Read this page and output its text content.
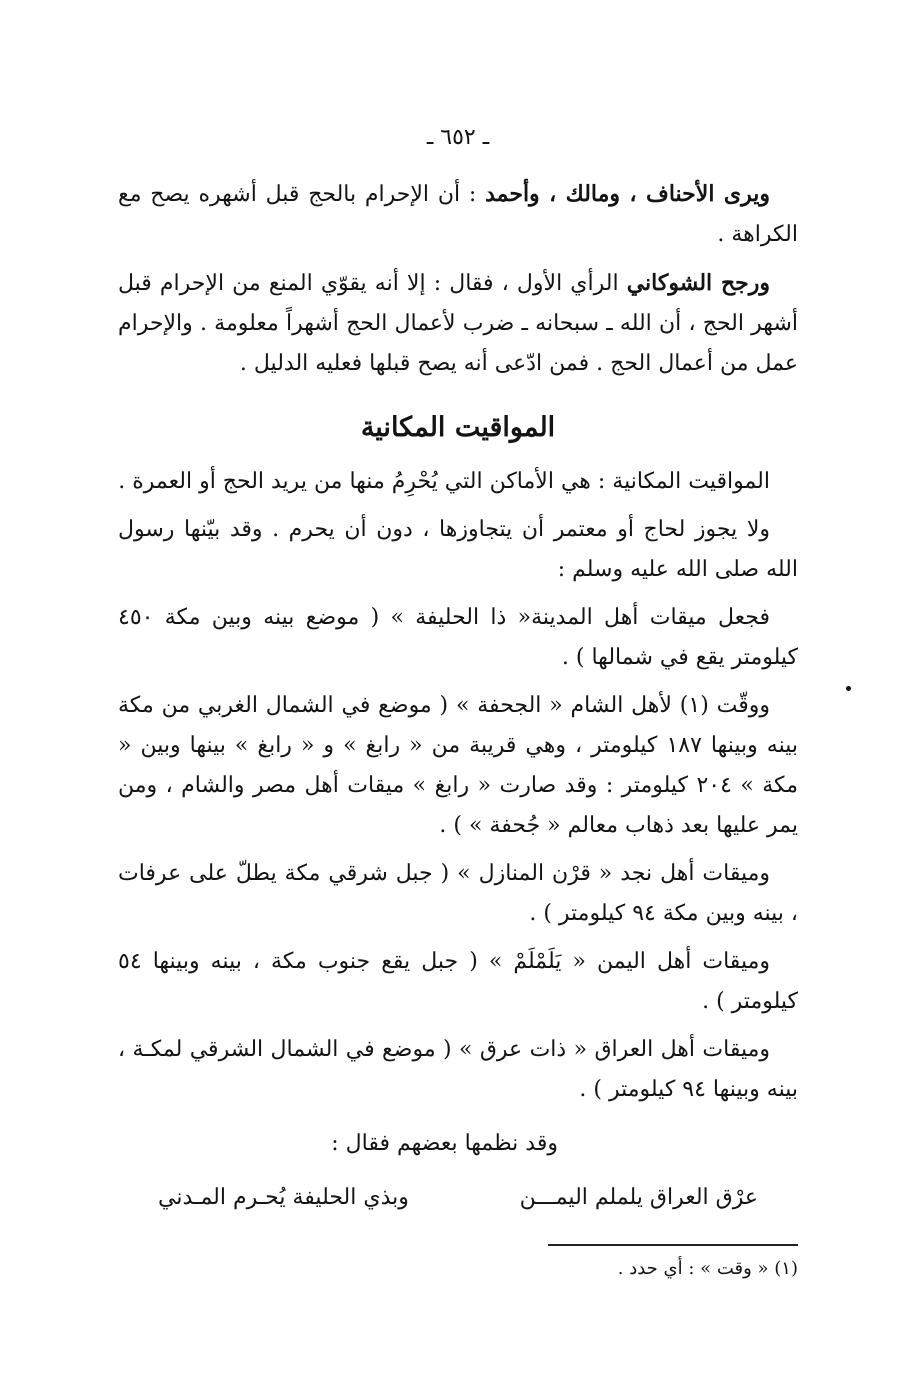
ـ ٦٥٢ ـ

ويرى الأحناف ، ومالك ، وأحمد : أن الإحرام بالحج قبل أشهره يصح مع الكراهة .

ورجح الشوكاني الرأي الأول ، فقال : إلا أنه يقوّي المنع من الإحرام قبل أشهر الحج ، أن الله ـ سبحانه ـ ضرب لأعمال الحج أشهراً معلومة . والإحرام عمل من أعمال الحج . فمن ادّعى أنه يصح قبلها فعليه الدليل .

المواقيت المكانية

المواقيت المكانية : هي الأماكن التي يُحْرِمُ منها من يريد الحج أو العمرة .

ولا يجوز لحاج أو معتمر أن يتجاوزها ، دون أن يحرم . وقد بيّنها رسول الله صلى الله عليه وسلم :

فجعل ميقات أهل المدينة« ذا الحليفة » ( موضع بينه وبين مكة ٤٥٠ كيلومتر يقع في شمالها ) .

ووقّت (١) لأهل الشام « الجحفة » ( موضع في الشمال الغربي من مكة بينه وبينها ١٨٧ كيلومتر ، وهي قريبة من « رابغ » و « رابغ » بينها وبين « مكة » ٢٠٤ كيلومتر : وقد صارت « رابغ » ميقات أهل مصر والشام ، ومن يمر عليها بعد ذهاب معالم « جُحفة » ) .

وميقات أهل نجد « قرْن المنازل » ( جبل شرقي مكة يطلّ على عرفات ، بينه وبين مكة ٩٤ كيلومتر ) .

وميقات أهل اليمن « يَلَمْلَمْ » ( جبل يقع جنوب مكة ، بينه وبينها ٥٤ كيلومتر ) .

وميقات أهل العراق « ذات عرق » ( موضع في الشمال الشرقي لمكـة ، بينه وبينها ٩٤ كيلومتر ) .

وقد نظمها بعضهم فقال :

عرْق العراق يلملم اليمـــن
وبذي الحليفة يُحـرم المـدني

(١) « وقت » : أي حدد .
